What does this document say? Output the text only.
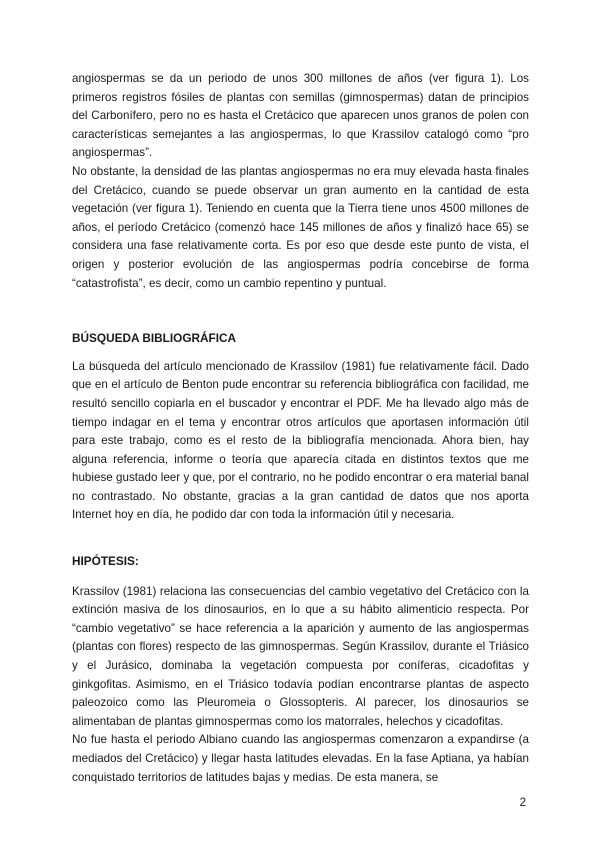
angiospermas se da un periodo de unos 300 millones de años (ver figura 1). Los primeros registros fósiles de plantas con semillas (gimnospermas) datan de principios del Carbonífero, pero no es hasta el Cretácico que aparecen unos granos de polen con características semejantes a las angiospermas, lo que Krassilov catalogó como “pro angiospermas”.

No obstante, la densidad de las plantas angiospermas no era muy elevada hasta finales del Cretácico, cuando se puede observar un gran aumento en la cantidad de esta vegetación (ver figura 1). Teniendo en cuenta que la Tierra tiene unos 4500 millones de años, el período Cretácico (comenzó hace 145 millones de años y finalizó hace 65) se considera una fase relativamente corta. Es por eso que desde este punto de vista, el origen y posterior evolución de las angiospermas podría concebirse de forma “catastrofista”, es decir, como un cambio repentino y puntual.

BÚSQUEDA BIBLIOGRÁFICA

La búsqueda del artículo mencionado de Krassilov (1981) fue relativamente fácil. Dado que en el artículo de Benton pude encontrar su referencia bibliográfica con facilidad, me resultó sencillo copiarla en el buscador y encontrar el PDF. Me ha llevado algo más de tiempo indagar en el tema y encontrar otros artículos que aportasen información útil para este trabajo, como es el resto de la bibliografía mencionada. Ahora bien, hay alguna referencia, informe o teoría que aparecía citada en distintos textos que me hubiese gustado leer y que, por el contrario, no he podido encontrar o era material banal no contrastado. No obstante, gracias a la gran cantidad de datos que nos aporta Internet hoy en día, he podido dar con toda la información útil y necesaria.

HIPÓTESIS:

Krassilov (1981) relaciona las consecuencias del cambio vegetativo del Cretácico con la extinción masiva de los dinosaurios, en lo que a su hábito alimenticio respecta. Por “cambio vegetativo” se hace referencia a la aparición y aumento de las angiospermas (plantas con flores) respecto de las gimnospermas. Según Krassilov, durante el Triásico y el Jurásico, dominaba la vegetación compuesta por coníferas, cicadofitas y ginkgofitas. Asimismo, en el Triásico todavía podían encontrarse plantas de aspecto paleozoico como las Pleuromeia o Glossopteris. Al parecer, los dinosaurios se alimentaban de plantas gimnospermas como los matorrales, helechos y cicadofitas.

No fue hasta el periodo Albiano cuando las angiospermas comenzaron a expandirse (a mediados del Cretácico) y llegar hasta latitudes elevadas. En la fase Aptiana, ya habían conquistado territorios de latitudes bajas y medias. De esta manera, se

2
